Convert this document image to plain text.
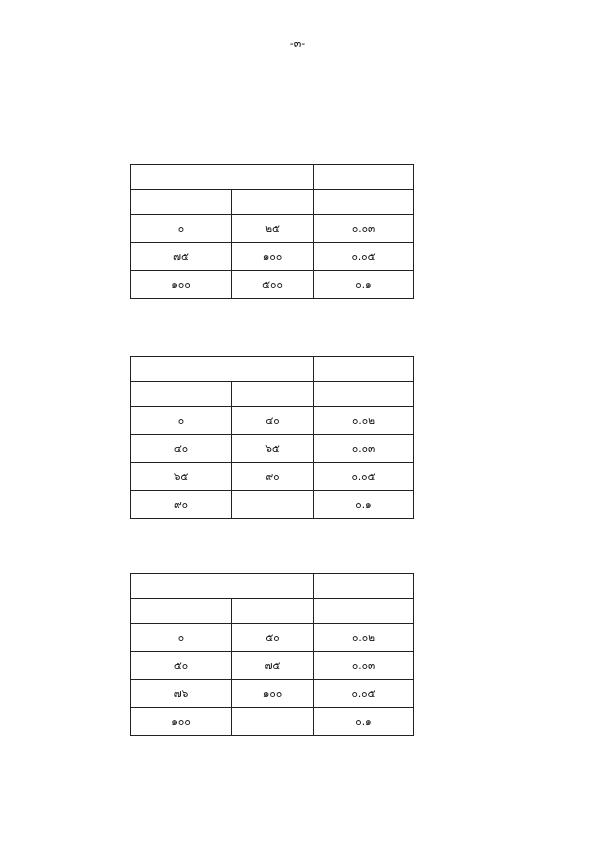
-๓-

๐	๒๕	๐.๐๓
๗๕	๑๐๐	๐.๐๕
๑๐๐	๕๐๐	๐.๑

๐	๔๐	๐.๐๒
๔๐	๖๕	๐.๐๓
๖๕	๙๐	๐.๐๕
๙๐		๐.๑

๐	๕๐	๐.๐๒
๕๐	๗๕	๐.๐๓
๗๖	๑๐๐	๐.๐๕
๑๐๐		๐.๑
